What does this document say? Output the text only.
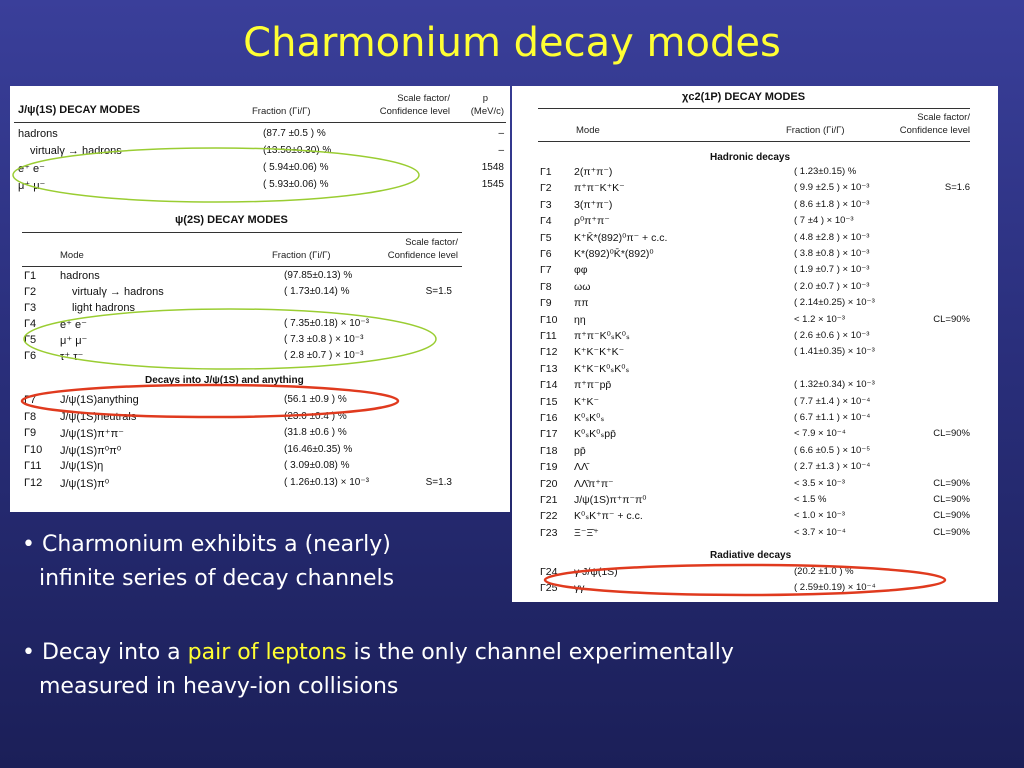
Charmonium decay modes
J/ψ(1S) DECAY MODES	Fraction (Γi/Γ)
Scale factor/
Confidence level
p
(MeV/c)
hadrons	(87.7 ±0.5 ) %	–
virtualγ → hadrons	(13.50±0.30) %	–
e⁺ e⁻	( 5.94±0.06) %	1548
μ⁺ μ⁻	( 5.93±0.06) %	1545
ψ(2S) DECAY MODES
Mode	Fraction (Γi/Γ)
Scale factor/
Confidence level
Γ1 hadrons	(97.85±0.13) %
Γ2	virtualγ → hadrons	( 1.73±0.14) %	S=1.5
Γ3	light hadrons
Γ4 e⁺ e⁻	( 7.35±0.18) × 10⁻³
Γ5 μ⁺ μ⁻	( 7.3 ±0.8 ) × 10⁻³
Γ6 τ⁺ τ⁻	( 2.8 ±0.7 ) × 10⁻³
Decays into J/ψ(1S) and anything
Γ7 J/ψ(1S)anything	(56.1 ±0.9 ) %
Γ8 J/ψ(1S)neutrals	(23.0 ±0.4 ) %
Γ9 J/ψ(1S)π⁺π⁻	(31.8 ±0.6 ) %
Γ10 J/ψ(1S)π⁰π⁰	(16.46±0.35) %
Γ11 J/ψ(1S)η	( 3.09±0.08) %
Γ12 J/ψ(1S)π⁰	( 1.26±0.13) × 10⁻³	S=1.3
χc2(1P) DECAY MODES
Mode	Fraction (Γi/Γ)
Scale factor/
Confidence level
Hadronic decays
Γ1 2(π⁺π⁻)	( 1.23±0.15) %
Γ2 π⁺π⁻K⁺K⁻	( 9.9 ±2.5 ) × 10⁻³	S=1.6
Γ3 3(π⁺π⁻)	( 8.6 ±1.8 ) × 10⁻³
Γ4 ρ⁰π⁺π⁻	( 7 ±4 ) × 10⁻³
Γ5 K⁺K̄*(892)⁰π⁻ + c.c.	( 4.8 ±2.8 ) × 10⁻³
Γ6 K*(892)⁰K̄*(892)⁰	( 3.8 ±0.8 ) × 10⁻³
Γ7 φφ	( 1.9 ±0.7 ) × 10⁻³
Γ8 ωω	( 2.0 ±0.7 ) × 10⁻³
Γ9 ππ	( 2.14±0.25) × 10⁻³
Γ10 ηη	< 1.2 × 10⁻³	CL=90%
Γ11 π⁺π⁻K⁰ₛK⁰ₛ	( 2.6 ±0.6 ) × 10⁻³
Γ12 K⁺K⁻K⁺K⁻	( 1.41±0.35) × 10⁻³
Γ13 K⁺K⁻K⁰ₛK⁰ₛ
Γ14 π⁺π⁻pp̄	( 1.32±0.34) × 10⁻³
Γ15 K⁺K⁻	( 7.7 ±1.4 ) × 10⁻⁴
Γ16 K⁰ₛK⁰ₛ	( 6.7 ±1.1 ) × 10⁻⁴
Γ17 K⁰ₛK⁰ₛpp̄	< 7.9 × 10⁻⁴	CL=90%
Γ18 pp̄	( 6.6 ±0.5 ) × 10⁻⁵
Γ19 ΛΛ̄	( 2.7 ±1.3 ) × 10⁻⁴
Γ20 ΛΛ̄π⁺π⁻	< 3.5 × 10⁻³	CL=90%
Γ21 J/ψ(1S)π⁺π⁻π⁰	< 1.5 %	CL=90%
Γ22 K⁰ₛK⁺π⁻ + c.c.	< 1.0 × 10⁻³	CL=90%
Γ23 Ξ⁻Ξ̄⁺	< 3.7 × 10⁻⁴	CL=90%
Radiative decays
Γ24 γ J/ψ(1S)	(20.2 ±1.0 ) %
Γ25 γγ	( 2.59±0.19) × 10⁻⁴
• Charmonium exhibits a (nearly)
infinite series of decay channels
• Decay into a pair of leptons is the only channel experimentally
measured in heavy-ion collisions
